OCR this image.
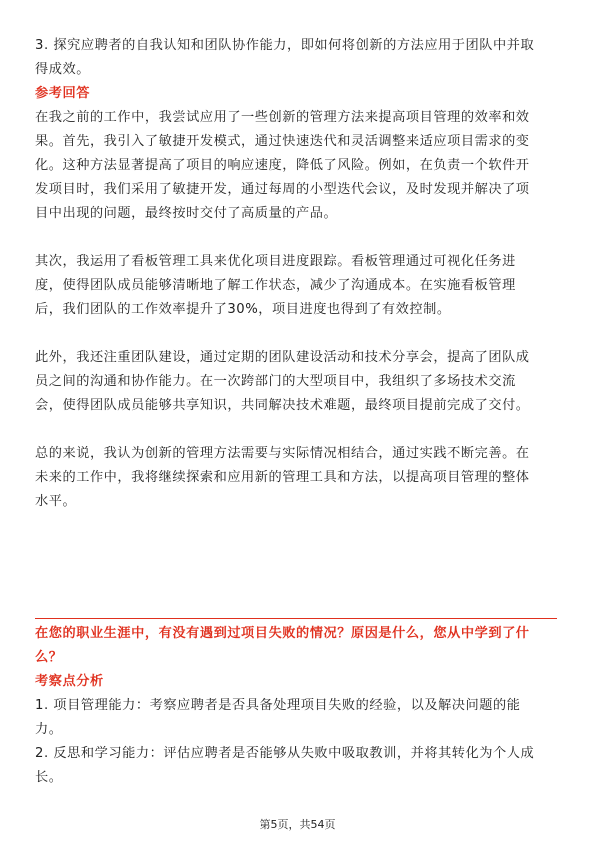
3. 探究应聘者的自我认知和团队协作能力，即如何将创新的方法应用于团队中并取

得成效。

参考回答

在我之前的工作中，我尝试应用了一些创新的管理方法来提高项目管理的效率和效

果。首先，我引入了敏捷开发模式，通过快速迭代和灵活调整来适应项目需求的变

化。这种方法显著提高了项目的响应速度，降低了风险。例如，在负责一个软件开

发项目时，我们采用了敏捷开发，通过每周的小型迭代会议，及时发现并解决了项

目中出现的问题，最终按时交付了高质量的产品。

其次，我运用了看板管理工具来优化项目进度跟踪。看板管理通过可视化任务进

度，使得团队成员能够清晰地了解工作状态，减少了沟通成本。在实施看板管理

后，我们团队的工作效率提升了30%，项目进度也得到了有效控制。

此外，我还注重团队建设，通过定期的团队建设活动和技术分享会，提高了团队成

员之间的沟通和协作能力。在一次跨部门的大型项目中，我组织了多场技术交流

会，使得团队成员能够共享知识，共同解决技术难题，最终项目提前完成了交付。

总的来说，我认为创新的管理方法需要与实际情况相结合，通过实践不断完善。在

未来的工作中，我将继续探索和应用新的管理工具和方法，以提高项目管理的整体

水平。

在您的职业生涯中，有没有遇到过项目失败的情况？原因是什么，您从中学到了什

么？

考察点分析

1. 项目管理能力：考察应聘者是否具备处理项目失败的经验，以及解决问题的能

力。

2. 反思和学习能力：评估应聘者是否能够从失败中吸取教训，并将其转化为个人成

长。

第5页，共54页
